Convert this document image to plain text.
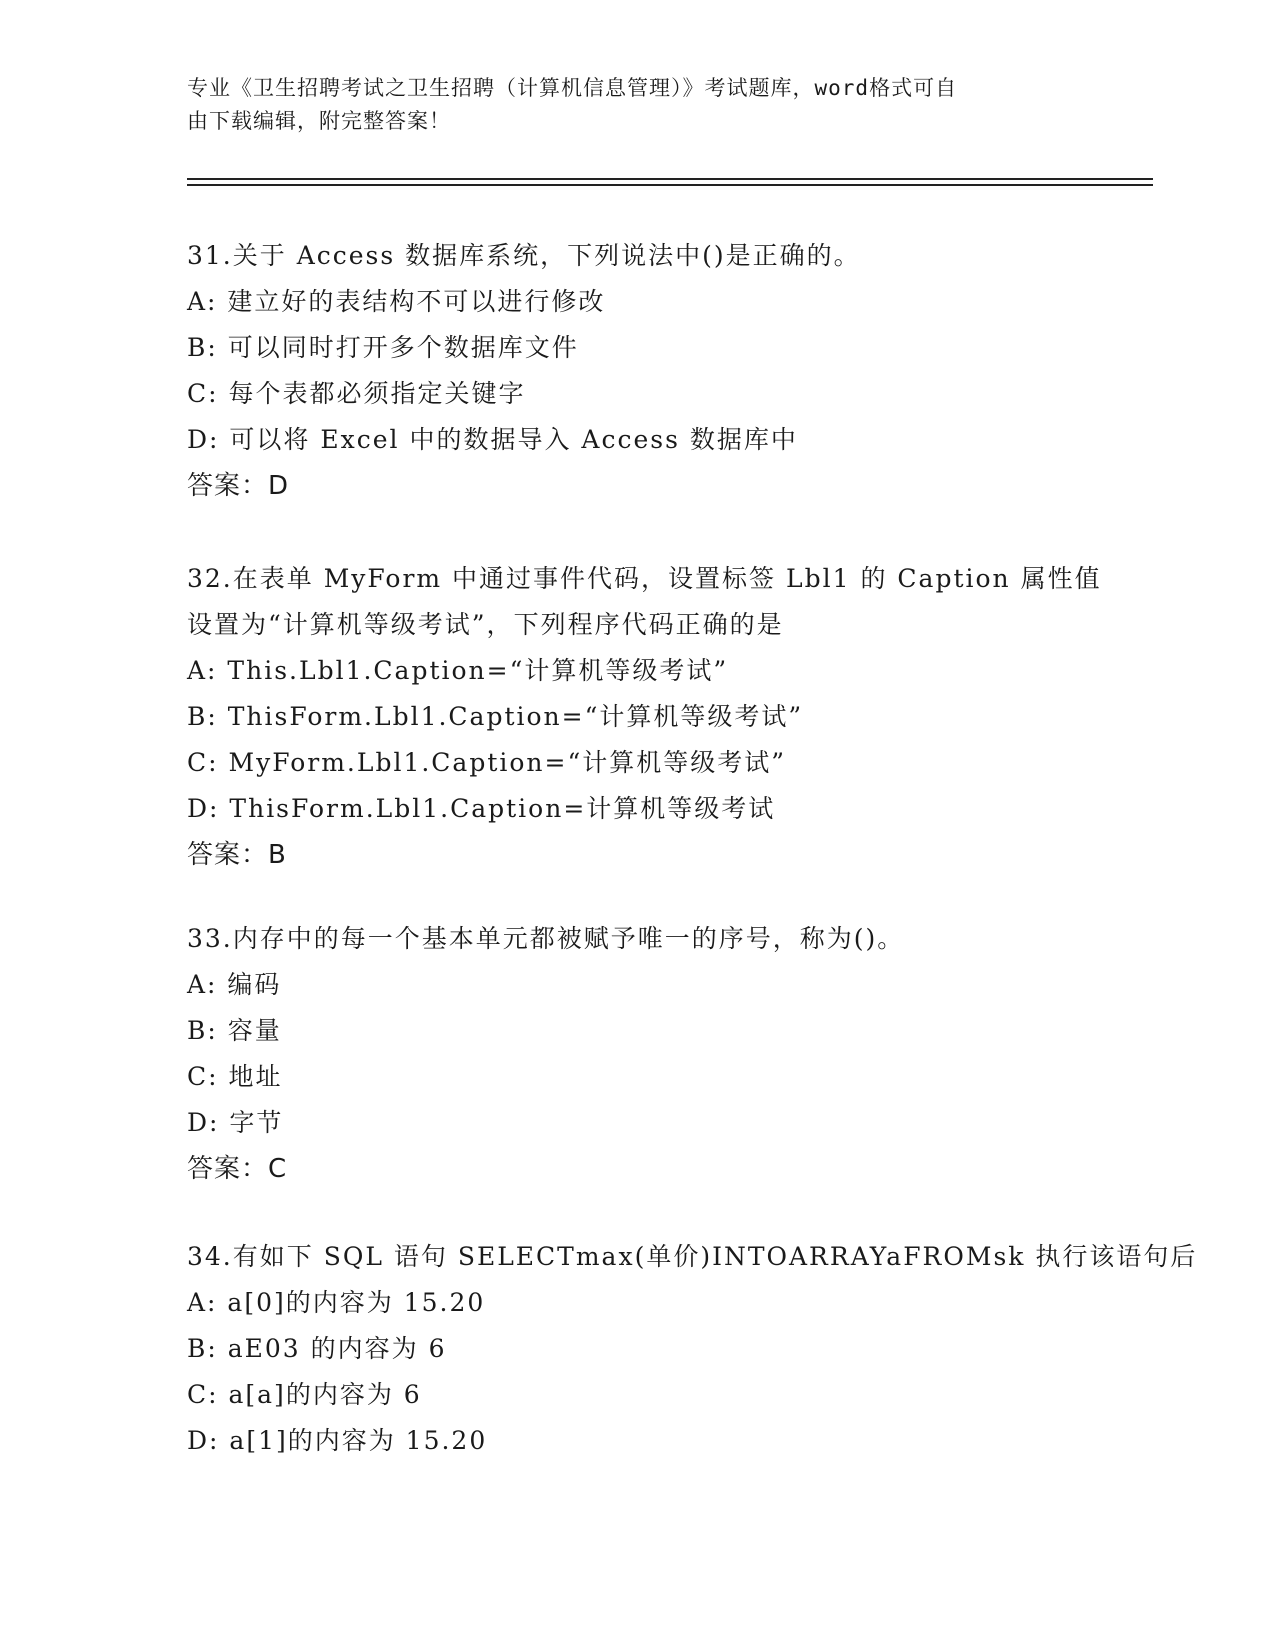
专业《卫生招聘考试之卫生招聘（计算机信息管理）》考试题库，word格式可自
由下载编辑，附完整答案！
31.关于 Access 数据库系统，下列说法中()是正确的。
A: 建立好的表结构不可以进行修改
B: 可以同时打开多个数据库文件
C: 每个表都必须指定关键字
D: 可以将 Excel 中的数据导入 Access 数据库中
答案：D
32.在表单 MyForm 中通过事件代码，设置标签 Lbl1 的 Caption 属性值
设置为“计算机等级考试”，下列程序代码正确的是
A: This.Lbl1.Caption=“计算机等级考试”
B: ThisForm.Lbl1.Caption=“计算机等级考试”
C: MyForm.Lbl1.Caption=“计算机等级考试”
D: ThisForm.Lbl1.Caption=计算机等级考试
答案：B
33.内存中的每一个基本单元都被赋予唯一的序号，称为()。
A: 编码
B: 容量
C: 地址
D: 字节
答案：C
34.有如下 SQL 语句 SELECTmax(单价)INTOARRAYaFROMsk 执行该语句后
A: a[0]的内容为 15.20
B: aE03 的内容为 6
C: a[a]的内容为 6
D: a[1]的内容为 15.20
